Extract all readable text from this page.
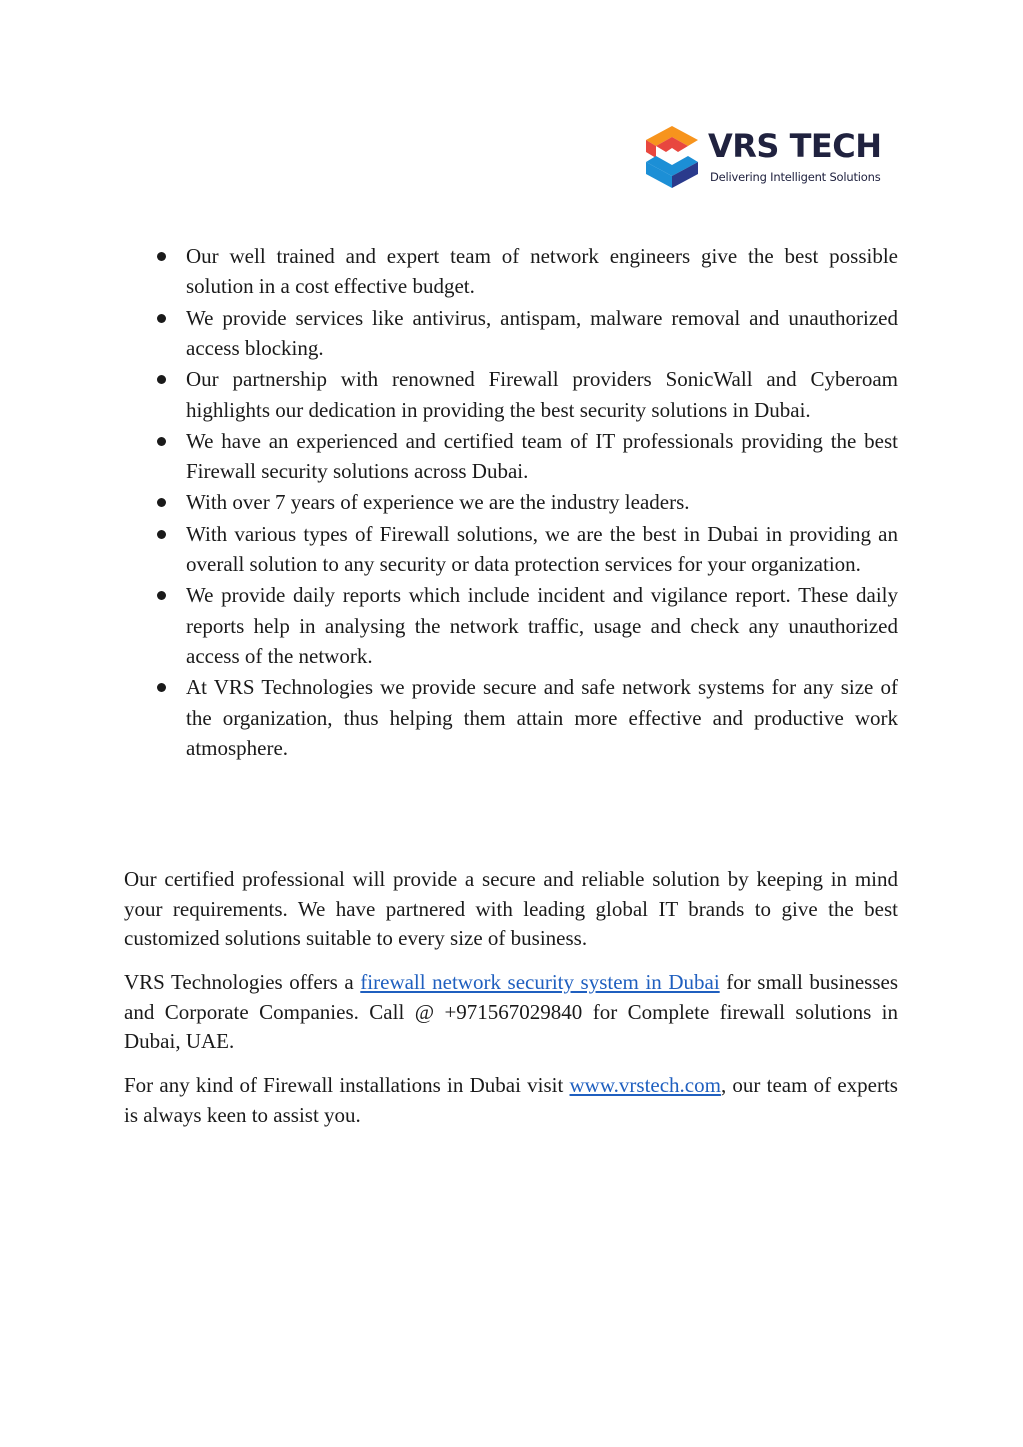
VRS TECH
Delivering Intelligent Solutions
Our well trained and expert team of network engineers give the best possible solution in a cost effective budget.
We provide services like antivirus, antispam, malware removal and unauthorized access blocking.
Our partnership with renowned Firewall providers SonicWall and Cyberoam highlights our dedication in providing the best security solutions in Dubai.
We have an experienced and certified team of IT professionals providing the best Firewall security solutions across Dubai.
With over 7 years of experience we are the industry leaders.
With various types of Firewall solutions, we are the best in Dubai in providing an overall solution to any security or data protection services for your organization.
We provide daily reports which include incident and vigilance report. These daily reports help in analysing the network traffic, usage and check any unauthorized access of the network.
At VRS Technologies we provide secure and safe network systems for any size of the organization, thus helping them attain more effective and productive work atmosphere.

Our certified professional will provide a secure and reliable solution by keeping in mind your requirements. We have partnered with leading global IT brands to give the best customized solutions suitable to every size of business.

VRS Technologies offers a firewall network security system in Dubai for small businesses and Corporate Companies. Call @ +971567029840 for Complete firewall solutions in Dubai, UAE.

For any kind of Firewall installations in Dubai visit www.vrstech.com, our team of experts is always keen to assist you.
